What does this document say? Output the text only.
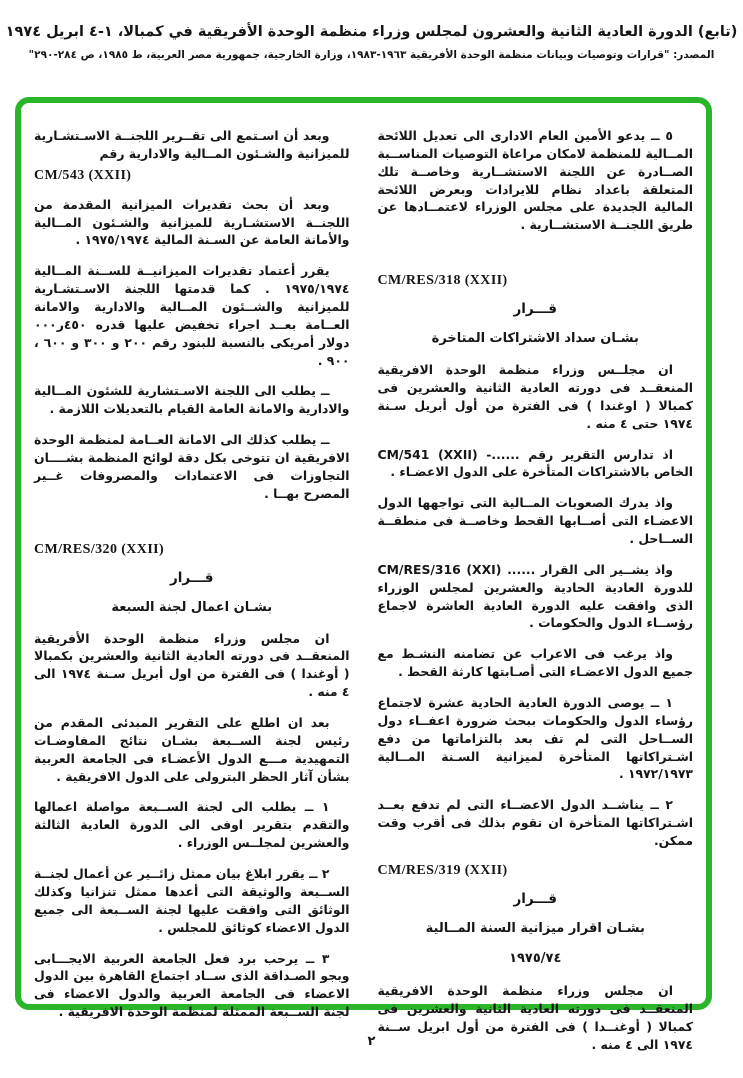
(تابع) الدورة العادية الثانية والعشرون لمجلس وزراء منظمة الوحدة الأفريقية في كمبالا، ١-٤ ابريل ١٩٧٤
المصدر: "قرارات وتوصيات وبيانات منظمة الوحدة الأفريقية ١٩٦٣-١٩٨٣، وزارة الخارجية، جمهورية مصر العربية، ط ١٩٨٥، ص ٢٨٤-٢٩٠"

٥ ــ يدعو الأمين العام الادارى الى تعديل اللائحة المــالية للمنظمة لامكان مراعاة التوصيات المناســبة الصــادرة عن اللجنة الاستشــارية وخاصــة تلك المتعلقة باعداد نظام للايرادات وبعرض اللائحة المالية الجديدة على مجلس الوزراء لاعتمــادها عن طريق اللجنــة الاستشــارية .

CM/RES/318 (XXII)
قـــرار
بشـان سداد الاشتراكات المتاخرة

ان مجلــس وزراء منظمة الوحدة الافريقية المنعقــد فى دورته العادية الثانية والعشرين فى كمبالا ( اوغندا ) فى الفترة من أول أبريل سـنة ١٩٧٤ حتى ٤ منه .

اذ تدارس التقرير رقم ......- CM/541 (XXII) الخاص بالاشتراكات المتأخرة على الدول الاعضـاء .

واذ يدرك الصعوبات المــالية التى تواجهها الدول الاعضـاء التى أصــابها القحط وخاصــة فى منطقــة الســاحل .

واذ يشــير الى القرار ...... CM/RES/316 (XXI) للدورة العادية الحادية والعشرين لمجلس الوزراء الذى وافقت عليه الدورة العادية العاشرة لاجماع رؤســاء الدول والحكومات .

واذ يرغب فى الاعراب عن تضامنه النشـط مع جميع الدول الاعضـاء التى أصـابتها كارثة القحط .

١ ــ يوصى الدورة العادية الحادية عشرة لاجتماع رؤساء الدول والحكومات ببحث ضرورة اعفــاء دول الســاحل التى لم تف بعد بالتزاماتها من دفع اشـتراكاتها المتأخرة لميزانية السـنة المــالية ١٩٧٢/١٩٧٣ .

٢ ــ يناشــد الدول الاعضــاء التى لم تدفع بعــد اشـتراكاتها المتأخرة ان تقوم بذلك فى أقرب وقت ممكن.

CM/RES/319 (XXII)
قـــرار
بشـان اقرار ميزانية السنة المــالية
١٩٧٥/٧٤

ان مجلس وزراء منظمة الوحدة الافريقية المنعقــد فى دورته العادية الثانية والعشرين فى كمبالا ( أوغنــدا ) فى الفترة من أول ابريل ســنة ١٩٧٤ الى ٤ منه .

وبعد أن اسـتمع الى تقــرير اللجنــة الاسـتشـارية للميزانية والشـئون المــالية والادارية رقم

CM/543 (XXII)

وبعد أن بحث تقديرات الميزانية المقدمة من اللجنــة الاستشـارية للميزانية والشـئون المــالية والأمانة العامة عن السـنة المالية ١٩٧٥/١٩٧٤ .

يقرر أعتماد تقديرات الميزانيــة للســنة المــالية ١٩٧٥/١٩٧٤ . كما قدمتها اللجنة الاسـتشـارية للميزانية والشــئون المــالية والادارية والامانة العــامة بعــد اجراء تخفيض عليها قدره ٤٥٠ر٠٠٠ دولار أمريكى بالنسبة للبنود رقم ٢٠٠ و ٣٠٠ و ٦٠٠ ، ٩٠٠ .

ــ يطلب الى اللجنة الاسـتشارية للشئون المــالية والادارية والامانة العامة القيام بالتعديلات اللازمة .

ــ يطلب كذلك الى الامانة العــامة لمنظمة الوحدة الافريقية ان تتوخى بكل دقة لوائح المنظمة بشــــان التجاوزات فى الاعتمادات والمصروفات غــير المصرح بهــا .

CM/RES/320 (XXII)
قـــرار
بشـان اعمال لجنة السبعة

ان مجلس وزراء منظمة الوحدة الأفريقية المنعقــد فى دورته العادية الثانية والعشرين بكمبالا ( أوغندا ) فى الفترة من اول أبريل سـنة ١٩٧٤ الى ٤ منه .

بعد ان اطلع على التقرير المبدئى المقدم من رئيس لجنة الســبعة بشـان نتائج المفاوضـات التمهيدية مـــع الدول الأعضـاء فى الجامعة العربية بشأن آثار الحظر البترولى على الدول الافريقية .

١ ــ يطلب الى لجنة الســبعة مواصلة اعمالها والتقدم بتقرير اوفى الى الدورة العادية الثالثة والعشرين لمجلــس الوزراء .

٢ ــ يقرر ابلاغ بيان ممثل زائــير عن أعمال لجنــة الســبعة والوثيقة التى أعدها ممثل تنزانيا وكذلك الوثائق التى وافقت عليها لجنة الســبعة الى جميع الدول الاعضاء كوثائق للمجلس .

٣ ــ يرحب برد فعل الجامعة العربية الايجـــابى وبجو الصـداقة الذى ســاد اجتماع القاهرة بين الدول الاعضاء فى الجامعة العربية والدول الاعضاء فى لجنة الســبعة الممثلة لمنظمة الوحدة الافريقية .

٢
